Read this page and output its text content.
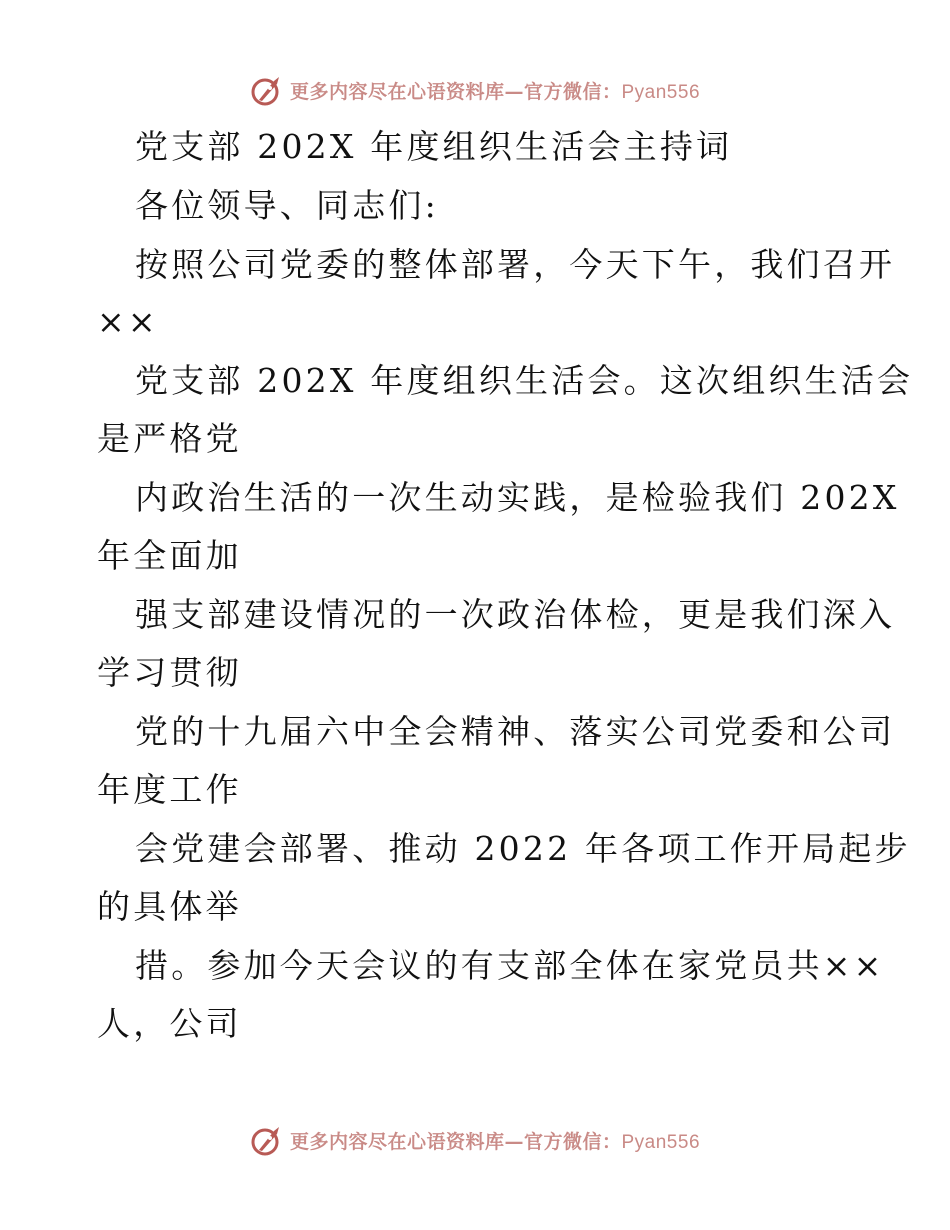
更多内容尽在心语资料库—官方微信：Pyan556
党支部 202X 年度组织生活会主持词
各位领导、同志们:
按照公司党委的整体部署，今天下午，我们召开
××
党支部 202X 年度组织生活会。这次组织生活会
是严格党
内政治生活的一次生动实践，是检验我们 202X
年全面加
强支部建设情况的一次政治体检，更是我们深入
学习贯彻
党的十九届六中全会精神、落实公司党委和公司
年度工作
会党建会部署、推动 2022 年各项工作开局起步
的具体举
措。参加今天会议的有支部全体在家党员共××
人，公司
更多内容尽在心语资料库—官方微信：Pyan556
